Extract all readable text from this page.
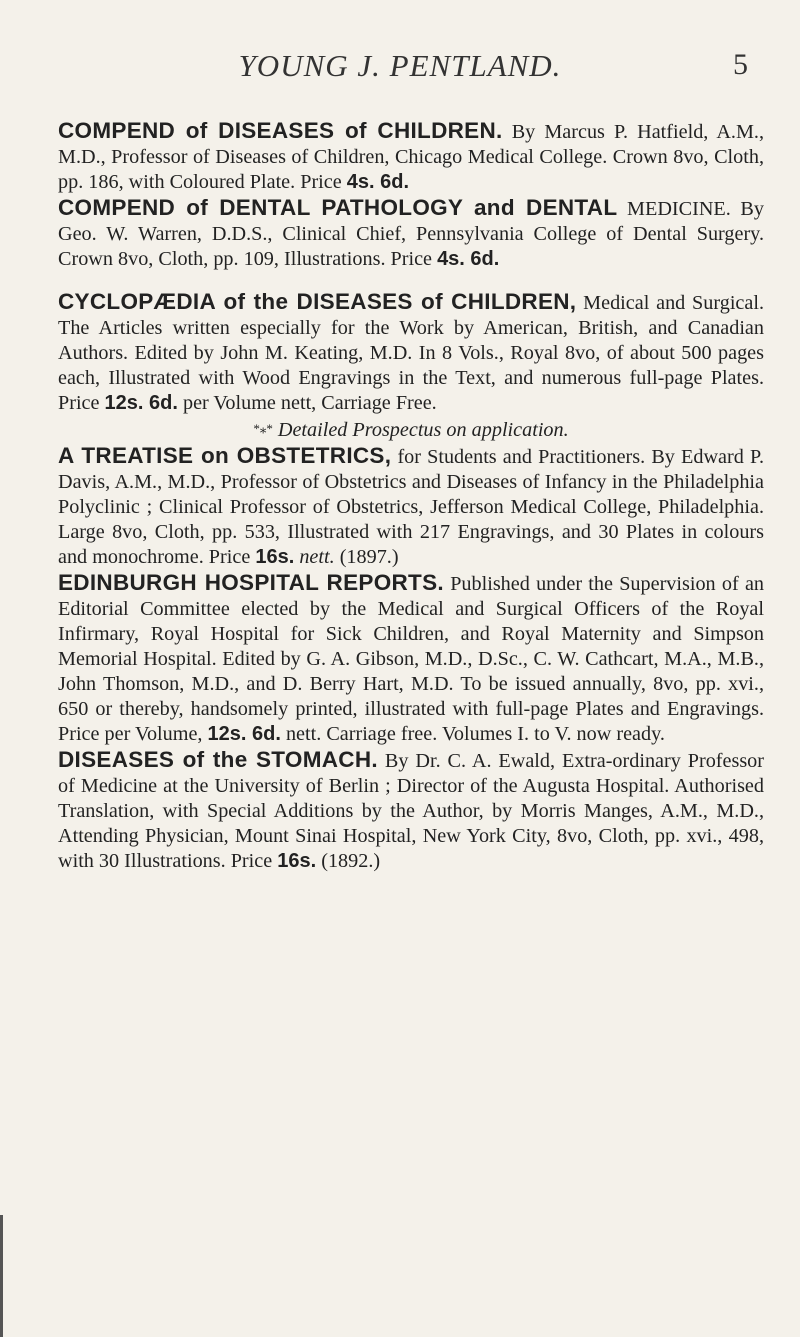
YOUNG J. PENTLAND.	5

COMPEND of DISEASES of CHILDREN. By Marcus P. Hatfield, A.M., M.D., Professor of Diseases of Children, Chicago Medical College. Crown 8vo, Cloth, pp. 186, with Coloured Plate. Price 4s. 6d.

COMPEND of DENTAL PATHOLOGY and DENTAL MEDICINE. By Geo. W. Warren, D.D.S., Clinical Chief, Pennsylvania College of Dental Surgery. Crown 8vo, Cloth, pp. 109, Illustrations. Price 4s. 6d.

CYCLOPÆDIA of the DISEASES of CHILDREN, Medical and Surgical. The Articles written especially for the Work by American, British, and Canadian Authors. Edited by John M. Keating, M.D. In 8 Vols., Royal 8vo, of about 500 pages each, Illustrated with Wood Engravings in the Text, and numerous full-page Plates. Price 12s. 6d. per Volume nett, Carriage Free.

*⁎* Detailed Prospectus on application.

A TREATISE on OBSTETRICS, for Students and Practitioners. By Edward P. Davis, A.M., M.D., Professor of Obstetrics and Diseases of Infancy in the Philadelphia Polyclinic ; Clinical Professor of Obstetrics, Jefferson Medical College, Philadelphia. Large 8vo, Cloth, pp. 533, Illustrated with 217 Engravings, and 30 Plates in colours and monochrome. Price 16s. nett. (1897.)

EDINBURGH HOSPITAL REPORTS. Published under the Supervision of an Editorial Committee elected by the Medical and Surgical Officers of the Royal Infirmary, Royal Hospital for Sick Children, and Royal Maternity and Simpson Memorial Hospital. Edited by G. A. Gibson, M.D., D.Sc., C. W. Cathcart, M.A., M.B., John Thomson, M.D., and D. Berry Hart, M.D. To be issued annually, 8vo, pp. xvi., 650 or thereby, handsomely printed, illustrated with full-page Plates and Engravings. Price per Volume, 12s. 6d. nett. Carriage free. Volumes I. to V. now ready.

DISEASES of the STOMACH. By Dr. C. A. Ewald, Extra-ordinary Professor of Medicine at the University of Berlin ; Director of the Augusta Hospital. Authorised Translation, with Special Additions by the Author, by Morris Manges, A.M., M.D., Attending Physician, Mount Sinai Hospital, New York City, 8vo, Cloth, pp. xvi., 498, with 30 Illustrations. Price 16s. (1892.)
